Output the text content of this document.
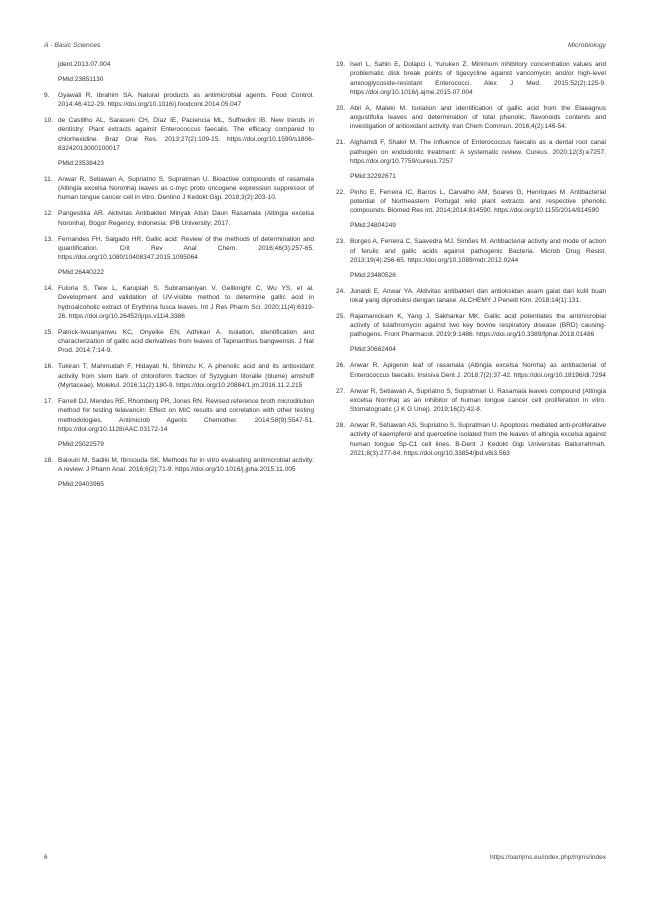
A - Basic Sciences	Microbiology
jdent.2013.07.004
PMid:23851130
9.	Gyawali R, Ibrahim SA. Natural products as antimicrobial agents. Food Control. 2014;46:412-29. https://doi.org/10.1016/j.foodcont.2014.05.047
10. de Castilho AL, Saraceni CH, Díaz IE, Paciencia ML, Suffredini IB. New trends in dentistry: Plant extracts against Enterococcus faecalis. The efficacy compared to chlorhexidine. Braz Oral Res. 2013;27(2):109-15. https://doi.org/10.1590/s1806-83242013000100017
PMid:23538423
11. Anwar R, Setiawan A, Supriatno S, Supratman U. Bioactive compounds of rasamala (Altingia excelsa Noronha) leaves as c-myc proto oncogene expression suppressor of human tongue cancer cell in vitro. Dentino J Kedokt Gigi. 2018;3(2):203-10.
12. Pangestika AR. Aktivitas Antibakteri Minyak Atsiri Daun Rasamala (Altingia excelsa Noronha). Bogor Regency, Indonesia: IPB University; 2017.
13. Fernandes FH, Salgado HR. Gallic acid: Review of the methods of determination and quantification. Crit Rev Anal Chem. 2016;46(3):257-65. https://doi.org/10.1080/10408347.2015.1095064
PMid:26440222
14. Fuloria S, Tiew L, Karupiah S, Subramaniyan V, Gellknight C, Wu YS, et al. Development and validation of UV-visible method to determine gallic acid in hydroalcoholic extract of Erythrina fusca leaves. Int J Res Pharm Sci. 2020;11(4):6319-26. https://doi.org/10.26452/ijrps.v11i4.3386
15. Patrick-Iwuanyanwu KC, Onyeike EN, Adhikari A. Isolation, identification and characterization of gallic acid derivatives from leaves of Tapinanthus bangwensis. J Nat Prod. 2014;7:14-9.
16. Tukiran T, Mahmudah F, Hidayati N, Shimizu K. A phenolic acid and its antioxidant activity from stem bark of chloroform fraction of Syzygium litoralle (blume) amshoff (Myrtaceae). Molekul. 2016;11(2):180-9. https://doi.org/10.20884/1.jm.2016.11.2.215
17. Farrell DJ, Mendes RE, Rhomberg PR, Jones RN. Revised reference broth microdilution method for testing telavancin: Effect on MIC results and correlation with other testing methodologies. Antimicrob Agents Chemother. 2014;58(9):5547-51. https://doi.org/10.1128/AAC.03172-14
PMid:25022579
18. Balouiri M, Sadiki M, Ibnsouda SK. Methods for in vitro evaluating antimicrobial activity: A review. J Pharm Anal. 2016;6(2):71-9. https://doi.org/10.1016/j.jpha.2015.11.005
PMid:29403965
19. Iseri L, Sahin E, Dolapci I, Yuruken Z. Minimum inhibitory concentration values and problematic disk break points of tigecycline against vancomycin and/or high-level aminoglycoside-resistant Enterococci. Alex J Med. 2015;52(2):125-9. https://doi.org/10.1016/j.ajme.2015.07.004
20. Abil A, Maleki M. Isolation and identification of gallic acid from the Elaeagnus angustifolia leaves and determination of total phenolic, flavonoids contents and investigation of antioxidant activity. Iran Chem Commun. 2016;4(2):146-54.
21. Alghamdi F, Shakir M. The influence of Enterococcus faecalis as a dental root canal pathogen on endodontic treatment: A systematic review. Cureus. 2020;12(3):e7257. https://doi.org/10.7759/cureus.7257
PMid:32292671
22. Pinho E, Ferreira IC, Barros L, Carvalho AM, Soares G, Henriques M. Antibacterial potential of Northeastern Portugal wild plant extracts and respective phenolic compounds. Biomed Res Int. 2014;2014:814590. https://doi.org/10.1155/2014/814590
PMid:24804249
23. Borges A, Ferreira C, Saavedra MJ, Simões M. Antibacterial activity and mode of action of ferulic and gallic acids against pathogenic Bacteria. Microb Drug Resist. 2013;19(4):256-65. https://doi.org/10.1089/mdr.2012.0244
PMid:23480526
24. Junaidi E, Anwar YA. Aktivitas antibakteri dan antioksidan asam galat dari kulit buah lokal yang diproduksi dengan tanase. ALCHEMY J Penelit Kim. 2018;14(1):131.
25. Rajamanickam K, Yang J, Sakharkar MK. Gallic acid potentiates the antimicrobial activity of tulathromycin against two key bovine respiratory disease (BRD) causing-pathogens. Front Pharmacol. 2019;9:1486. https://doi.org/10.3389/fphar.2018.01486
PMid:30662404
26. Anwar R. Apigenin leaf of rasamala (Altingia excelsa Nornha) as antibacterial of Enterococcus faecalis. Insisiva Dent J. 2018;7(2):37-42. https://doi.org/10.18196/di.7294
27. Anwar R, Setiawan A, Supriatno S, Supratman U. Rasamala leaves compound (Altingia excelsa Nornha) as an inhibitor of human tongue cancer cell proliferation in vitro. Stomatognatic (J K G Unej). 2019;16(2):42-8.
28. Anwar R, Setiawan AS, Supriatno S, Supratman U. Apoptosis mediated anti-proliferative activity of kaempferol and quercetine isolated from the leaves of altingia excelsa against human tongue Sp-C1 cell lines. B-Dent J Kedokt Gigi Universitas Baiturrahmah. 2021;8(3):277-84. https://doi.org/10.33854/jbd.v8i3.563
6	https://oamjms.eu/index.php/mjms/index
